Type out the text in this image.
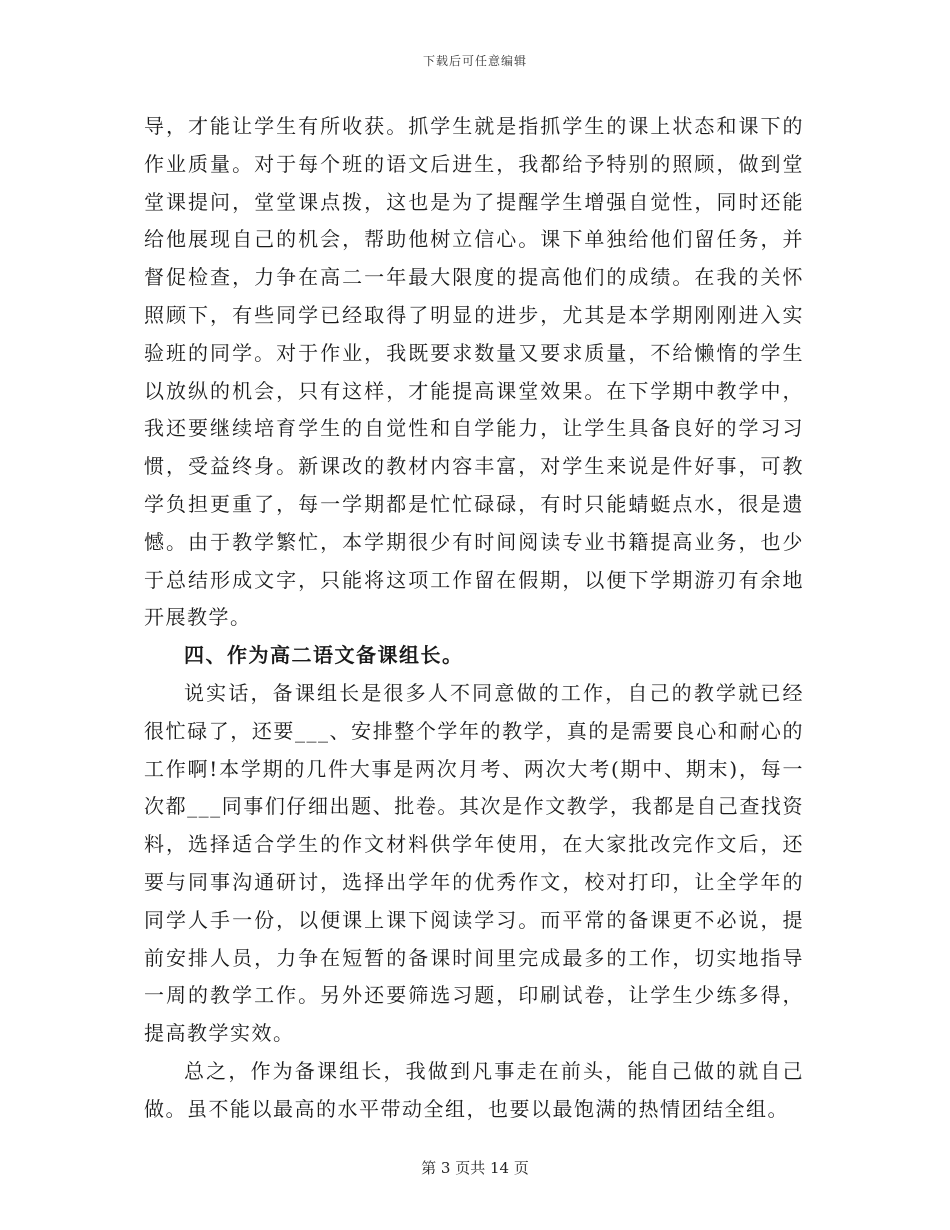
下载后可任意编辑

导，才能让学生有所收获。抓学生就是指抓学生的课上状态和课下的作业质量。对于每个班的语文后进生，我都给予特别的照顾，做到堂堂课提问，堂堂课点拨，这也是为了提醒学生增强自觉性，同时还能给他展现自己的机会，帮助他树立信心。课下单独给他们留任务，并督促检查，力争在高二一年最大限度的提高他们的成绩。在我的关怀照顾下，有些同学已经取得了明显的进步，尤其是本学期刚刚进入实验班的同学。对于作业，我既要求数量又要求质量，不给懒惰的学生以放纵的机会，只有这样，才能提高课堂效果。在下学期中教学中，我还要继续培育学生的自觉性和自学能力，让学生具备良好的学习习惯，受益终身。新课改的教材内容丰富，对学生来说是件好事，可教学负担更重了，每一学期都是忙忙碌碌，有时只能蜻蜓点水，很是遗憾。由于教学繁忙，本学期很少有时间阅读专业书籍提高业务，也少于总结形成文字，只能将这项工作留在假期，以便下学期游刃有余地开展教学。

四、作为高二语文备课组长。

说实话，备课组长是很多人不同意做的工作，自己的教学就已经很忙碌了，还要___、安排整个学年的教学，真的是需要良心和耐心的工作啊!本学期的几件大事是两次月考、两次大考(期中、期末)，每一次都___同事们仔细出题、批卷。其次是作文教学，我都是自己查找资料，选择适合学生的作文材料供学年使用，在大家批改完作文后，还要与同事沟通研讨，选择出学年的优秀作文，校对打印，让全学年的同学人手一份，以便课上课下阅读学习。而平常的备课更不必说，提前安排人员，力争在短暂的备课时间里完成最多的工作，切实地指导一周的教学工作。另外还要筛选习题，印刷试卷，让学生少练多得，提高教学实效。

总之，作为备课组长，我做到凡事走在前头，能自己做的就自己做。虽不能以最高的水平带动全组，也要以最饱满的热情团结全组。

第 3 页共 14 页
